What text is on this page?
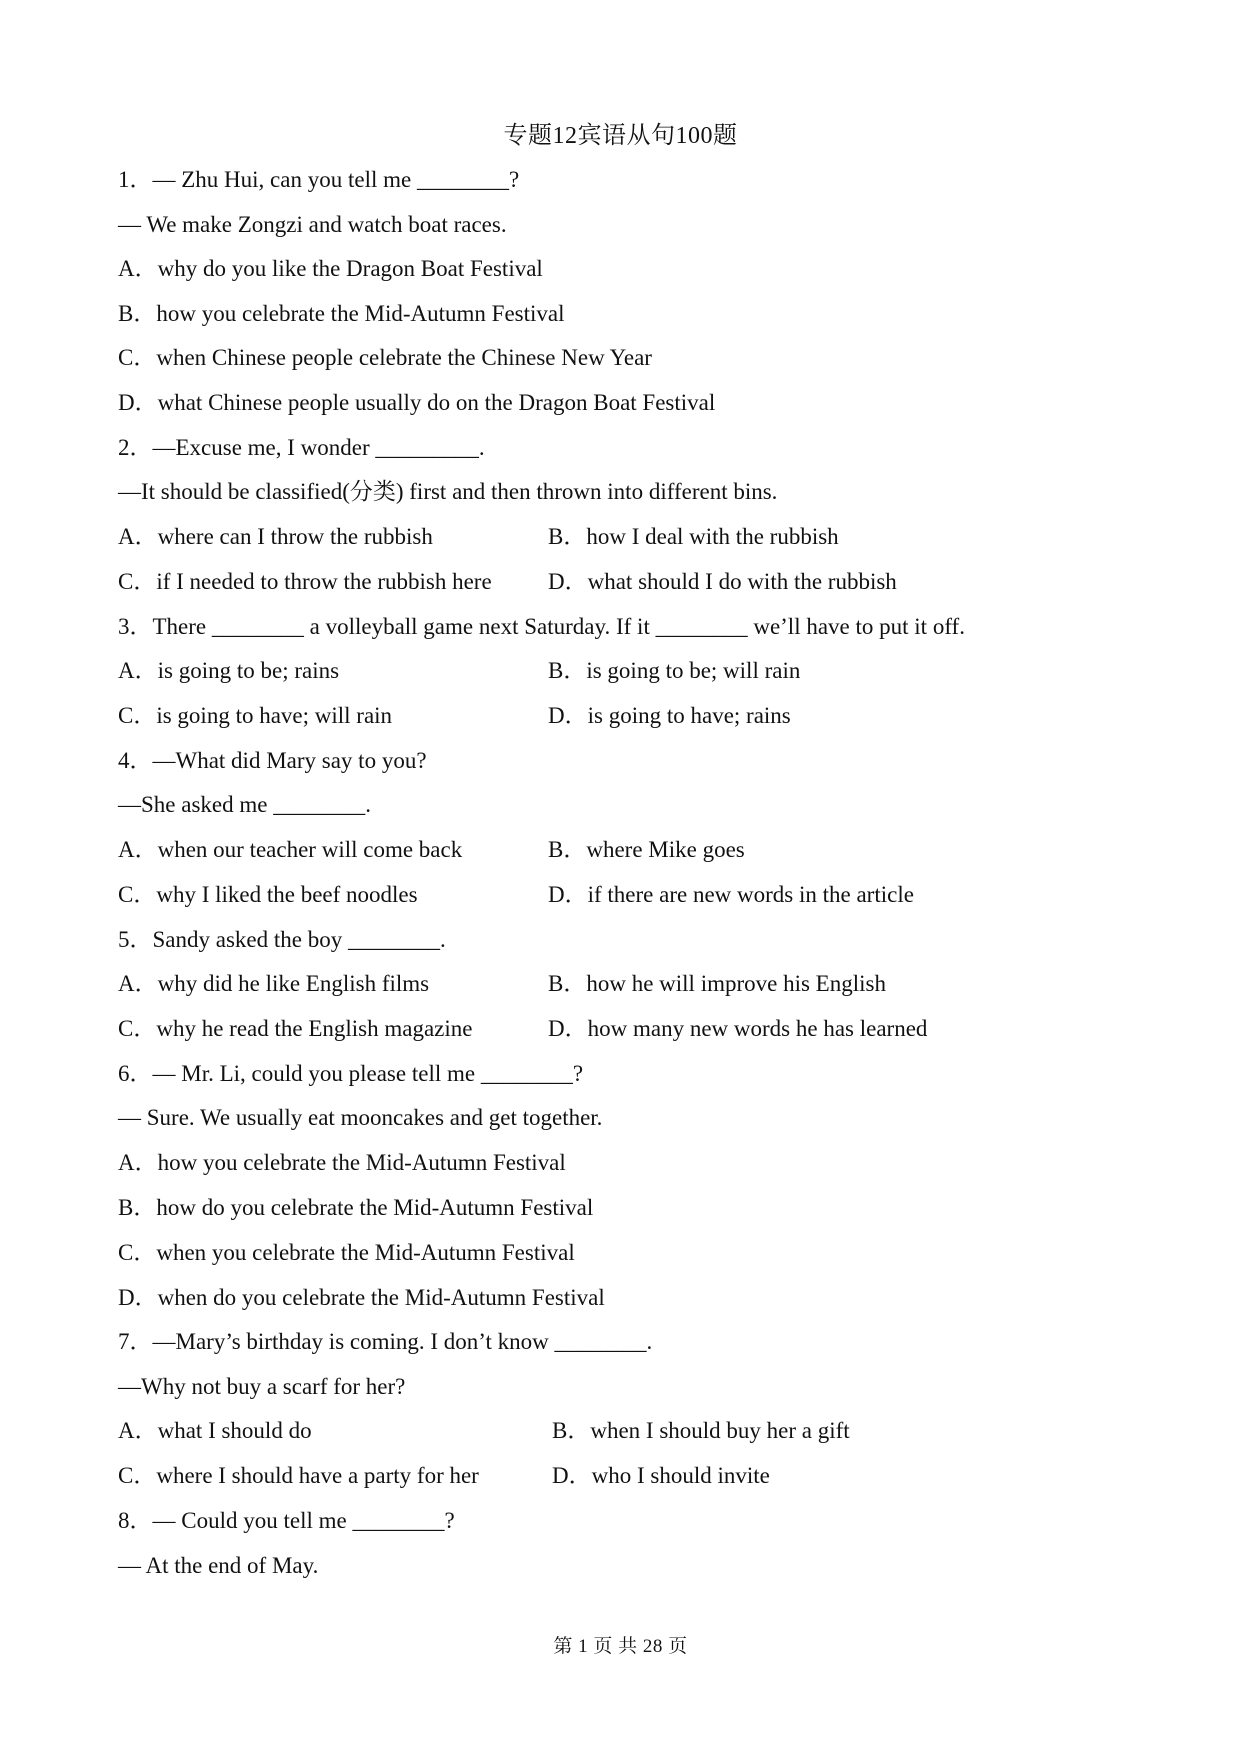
专题12宾语从句100题
1．— Zhu Hui, can you tell me ________?
— We make Zongzi and watch boat races.
A．why do you like the Dragon Boat Festival
B．how you celebrate the Mid-Autumn Festival
C．when Chinese people celebrate the Chinese New Year
D．what Chinese people usually do on the Dragon Boat Festival
2．—Excuse me, I wonder _________.
—It should be classified(分类) first and then thrown into different bins.
A．where can I throw the rubbish	B．how I deal with the rubbish
C．if I needed to throw the rubbish here D．what should I do with the rubbish
3．There ________ a volleyball game next Saturday. If it ________ we’ll have to put it off.
A．is going to be; rains	B．is going to be; will rain
C．is going to have; will rain	D．is going to have; rains
4．—What did Mary say to you?
—She asked me ________.
A．when our teacher will come back	B．where Mike goes
C．why I liked the beef noodles	D．if there are new words in the article
5．Sandy asked the boy ________.
A．why did he like English films	B．how he will improve his English
C．why he read the English magazine	D．how many new words he has learned
6．— Mr. Li, could you please tell me ________?
— Sure. We usually eat mooncakes and get together.
A．how you celebrate the Mid-Autumn Festival
B．how do you celebrate the Mid-Autumn Festival
C．when you celebrate the Mid-Autumn Festival
D．when do you celebrate the Mid-Autumn Festival
7．—Mary’s birthday is coming. I don’t know ________.
—Why not buy a scarf for her?
A．what I should do	B．when I should buy her a gift
C．where I should have a party for her	D．who I should invite
8．— Could you tell me ________?
— At the end of May.
第 1 页 共 28 页
